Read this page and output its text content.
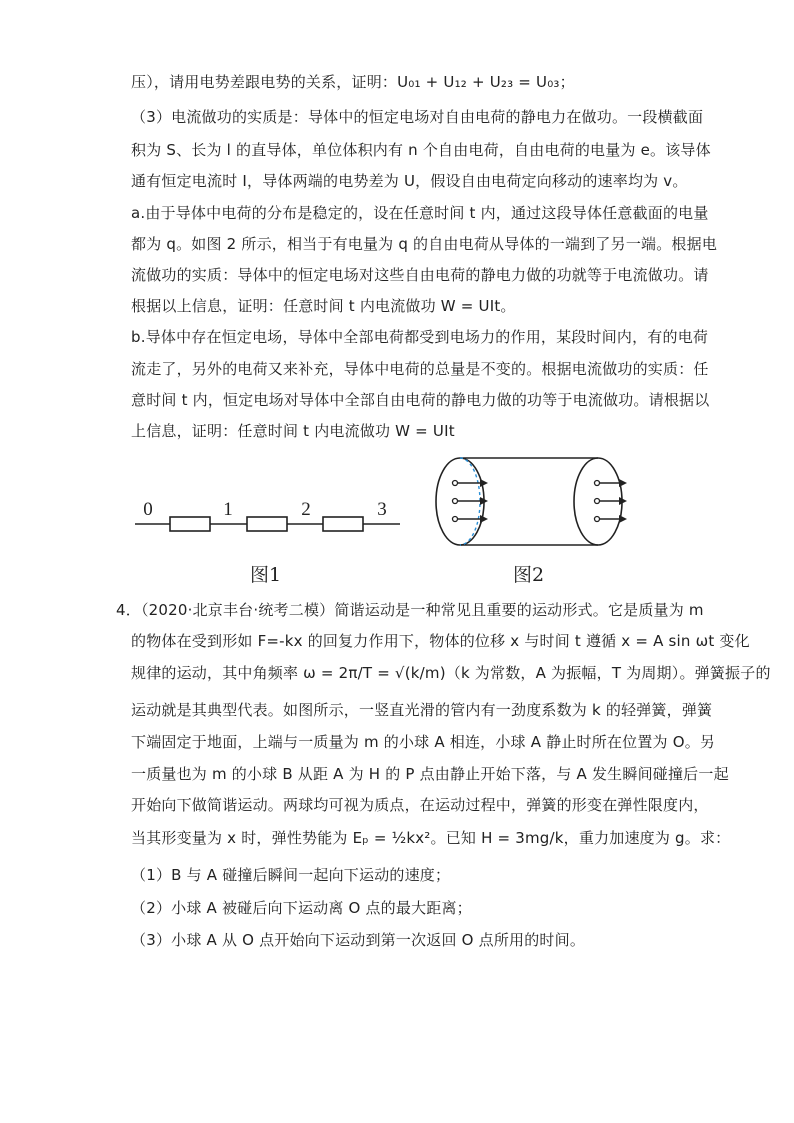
压），请用电势差跟电势的关系，证明：U₀₁ + U₁₂ + U₂₃ = U₀₃；
（3）电流做功的实质是：导体中的恒定电场对自由电荷的静电力在做功。一段横截面
积为 S、长为 l 的直导体，单位体积内有 n 个自由电荷，自由电荷的电量为 e。该导体
通有恒定电流时 I，导体两端的电势差为 U，假设自由电荷定向移动的速率均为 v。
a.由于导体中电荷的分布是稳定的，设在任意时间 t 内，通过这段导体任意截面的电量
都为 q。如图 2 所示，相当于有电量为 q 的自由电荷从导体的一端到了另一端。根据电
流做功的实质：导体中的恒定电场对这些自由电荷的静电力做的功就等于电流做功。请
根据以上信息，证明：任意时间 t 内电流做功 W = UIt。
b.导体中存在恒定电场，导体中全部电荷都受到电场力的作用，某段时间内，有的电荷
流走了，另外的电荷又来补充，导体中电荷的总量是不变的。根据电流做功的实质：任
意时间 t 内，恒定电场对导体中全部自由电荷的静电力做的功等于电流做功。请根据以
上信息，证明：任意时间 t 内电流做功 W = UIt
0	1	2	3
图1	图2
4．（2020·北京丰台·统考二模）简谐运动是一种常见且重要的运动形式。它是质量为 m
的物体在受到形如 F=-kx 的回复力作用下，物体的位移 x 与时间 t 遵循 x = A sin ωt 变化
规律的运动，其中角频率 ω = 2π/T = √(k/m)（k 为常数，A 为振幅，T 为周期）。弹簧振子的
运动就是其典型代表。如图所示，一竖直光滑的管内有一劲度系数为 k 的轻弹簧，弹簧
下端固定于地面，上端与一质量为 m 的小球 A 相连，小球 A 静止时所在位置为 O。另
一质量也为 m 的小球 B 从距 A 为 H 的 P 点由静止开始下落，与 A 发生瞬间碰撞后一起
开始向下做简谐运动。两球均可视为质点，在运动过程中，弹簧的形变在弹性限度内，
当其形变量为 x 时，弹性势能为 Eₚ = ½kx²。已知 H = 3mg/k，重力加速度为 g。求：
（1）B 与 A 碰撞后瞬间一起向下运动的速度；
（2）小球 A 被碰后向下运动离 O 点的最大距离；
（3）小球 A 从 O 点开始向下运动到第一次返回 O 点所用的时间。
